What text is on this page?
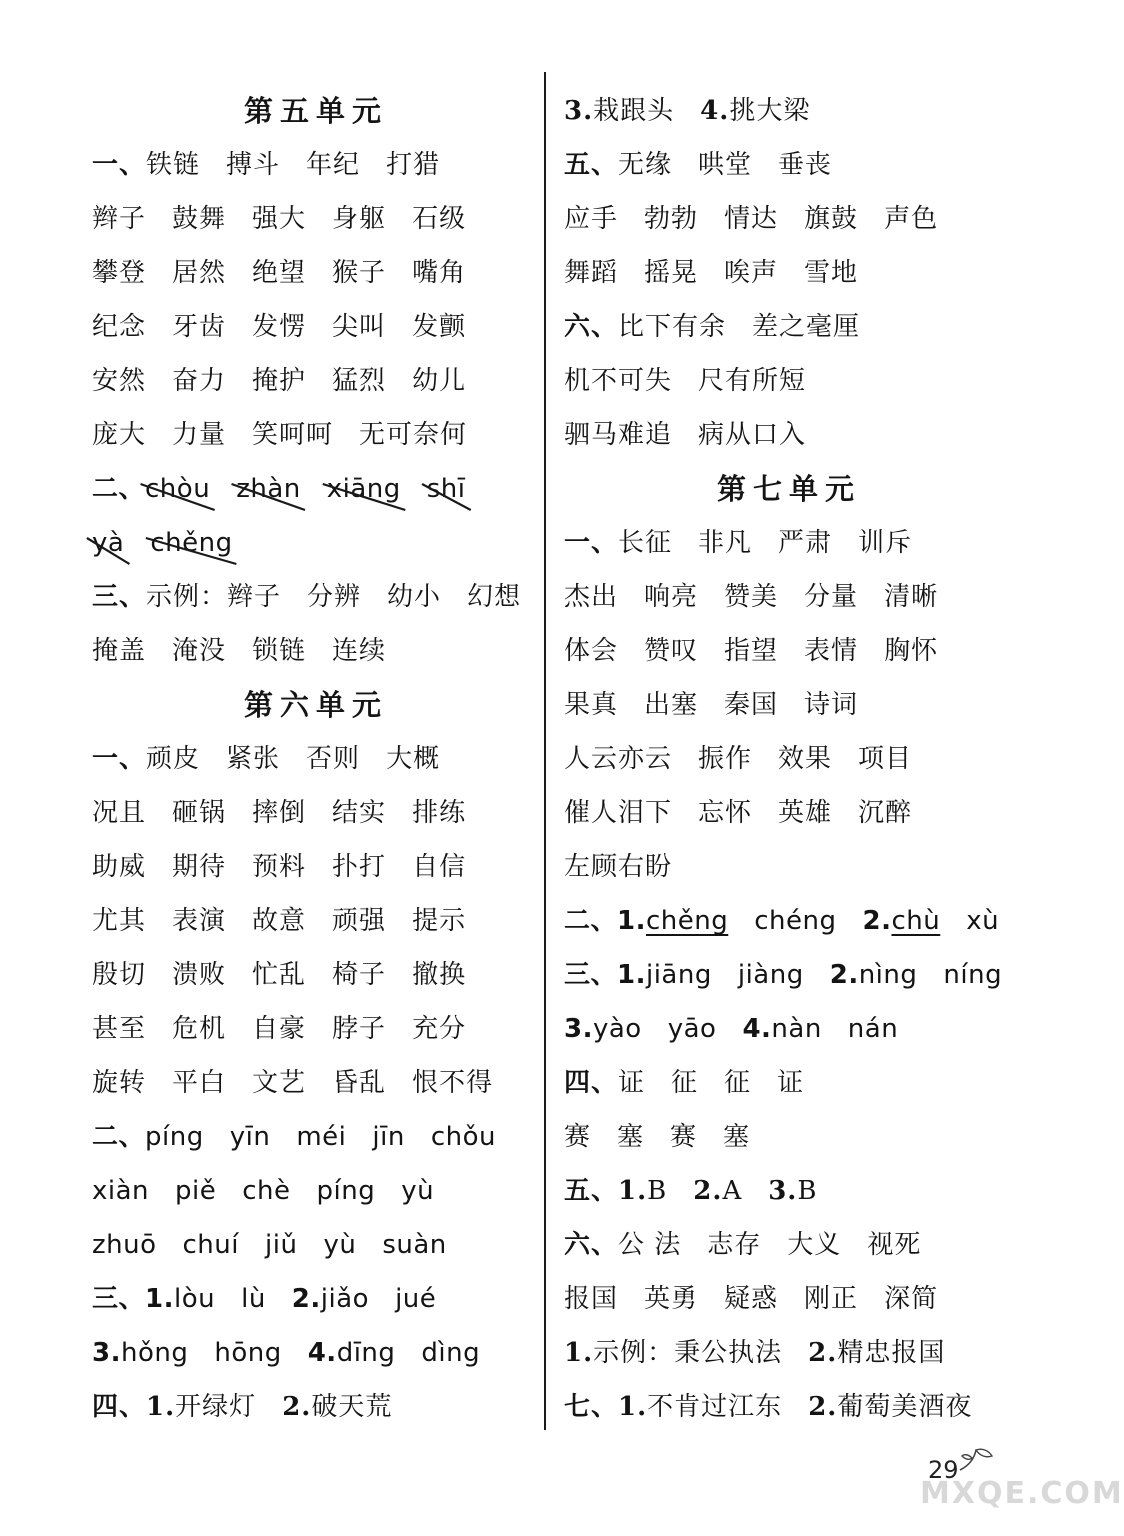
第五单元
一、铁链 搏斗 年纪 打猎
辫子 鼓舞 强大 身躯 石级
攀登 居然 绝望 猴子 嘴角
纪念 牙齿 发愣 尖叫 发颤
安然 奋力 掩护 猛烈 幼儿
庞大 力量 笑呵呵 无可奈何
二、chòu zhàn xiāng shī
yà chěng
三、示例：辫子 分辨 幼小 幻想
掩盖 淹没 锁链 连续
第六单元
一、顽皮 紧张 否则 大概
况且 砸锅 摔倒 结实 排练
助威 期待 预料 扑打 自信
尤其 表演 故意 顽强 提示
殷切 溃败 忙乱 椅子 撤换
甚至 危机 自豪 脖子 充分
旋转 平白 文艺 昏乱 恨不得
二、píng yīn méi jīn chǒu
xiàn piě chè píng yù
zhuō chuí jiǔ yù suàn
三、1.lòu lù 2.jiǎo jué
3.hǒng hōng 4.dīng dìng
四、1.开绿灯 2.破天荒
3.栽跟头 4.挑大梁
五、无缘 哄堂 垂丧
应手 勃勃 情达 旗鼓 声色
舞蹈 摇晃 唉声 雪地
六、比下有余 差之毫厘
机不可失 尺有所短
驷马难追 病从口入
第七单元
一、长征 非凡 严肃 训斥
杰出 响亮 赞美 分量 清晰
体会 赞叹 指望 表情 胸怀
果真 出塞 秦国 诗词
人云亦云 振作 效果 项目
催人泪下 忘怀 英雄 沉醉
左顾右盼
二、1.chěng chéng 2.chù xù
三、1.jiāng jiàng 2.nìng níng
3.yào yāo 4.nàn nán
四、证 征 征 证
赛 塞 赛 塞
五、1.B 2.A 3.B
六、公 法 志存 大义 视死
报国 英勇 疑惑 刚正 深简
1.示例：秉公执法 2.精忠报国
七、1.不肯过江东 2.葡萄美酒夜
29
MXQE.COM
